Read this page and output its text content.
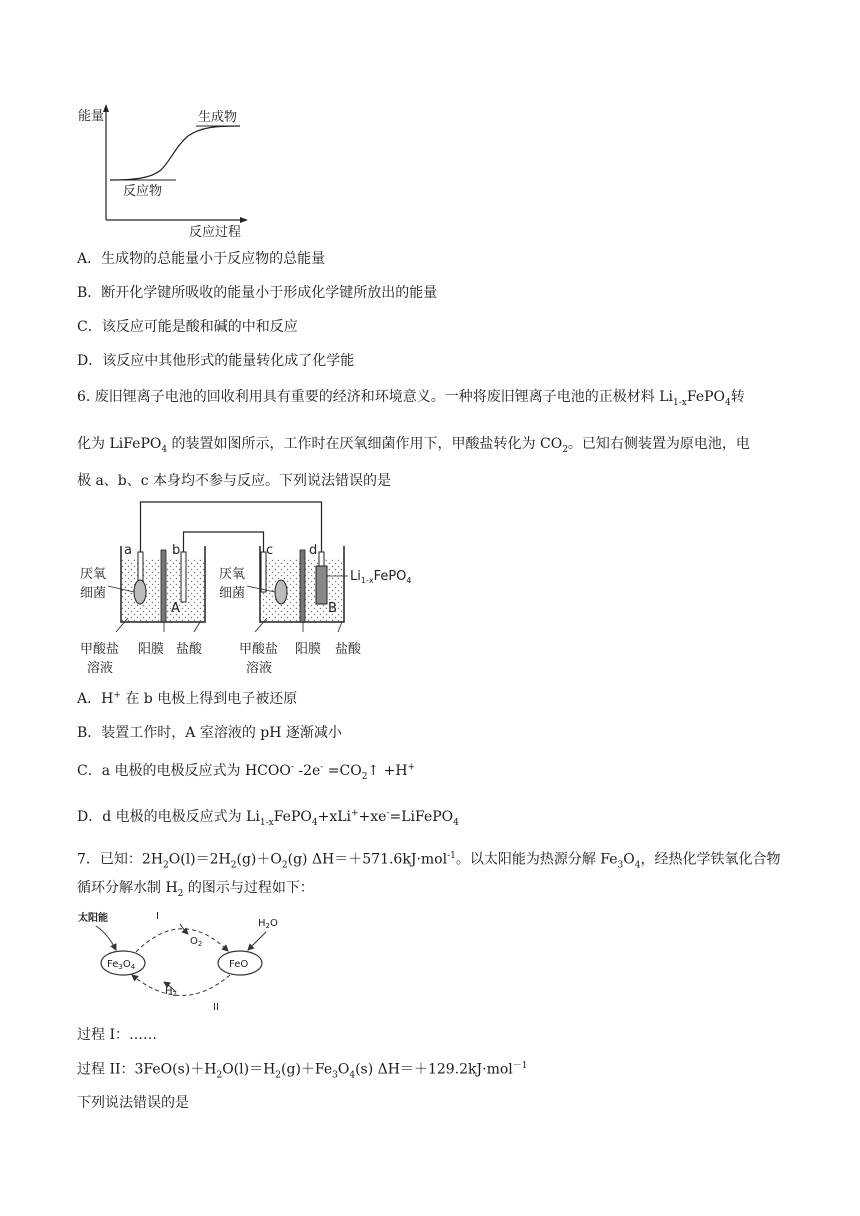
能量	生成物
反应物
反应过程
A．生成物的总能量小于反应物的总能量
B．断开化学键所吸收的能量小于形成化学键所放出的能量
C．该反应可能是酸和碱的中和反应
D．该反应中其他形式的能量转化成了化学能
6. 废旧锂离子电池的回收利用具有重要的经济和环境意义。一种将废旧锂离子电池的正极材料 $Li_{1-x}FePO_4$转
化为 LiFePO$_4$ 的装置如图所示，工作时在厌氧细菌作用下，甲酸盐转化为 $CO_2$。已知右侧装置为原电池，电
极 a、b、c 本身均不参与反应。下列说法错误的是
a	b	c	d
A	B
厌氧
细菌
厌氧
细菌
$Li_{1-x}FePO_4$
甲酸盐
溶液
阳膜 盐酸	甲酸盐
溶液
阳膜 盐酸
A．H+ 在 b 电极上得到电子被还原
B．装置工作时，A 室溶液的 pH 逐渐减小
C．a 电极的电极反应式为 HCOO- $-2e^- =CO_2↑ +H^+$
D．d 电极的电极反应式为 $Li_{1-x}FePO_4+xLi^++xe^-=LiFePO_4$
7．已知：$2H_2O(l)=2H_2(g)+O_2(g)$ ΔH＝＋571.6kJ·mol$^{-1}$。以太阳能为热源分解 $Fe_3O_4$，经热化学铁氧化合物
循环分解水制 $H_2$ 的图示与过程如下：
$Fe_3O_4$	FeO
太阳能	I
$O_2$
$H_2O$
$H_2$
II
过程 I：……
过程 II：$3FeO(s)+H_2O(l)=H_2(g)+Fe_3O_4(s)$ ΔH＝＋129.2kJ·mol$^{-1}$
下列说法错误的是
